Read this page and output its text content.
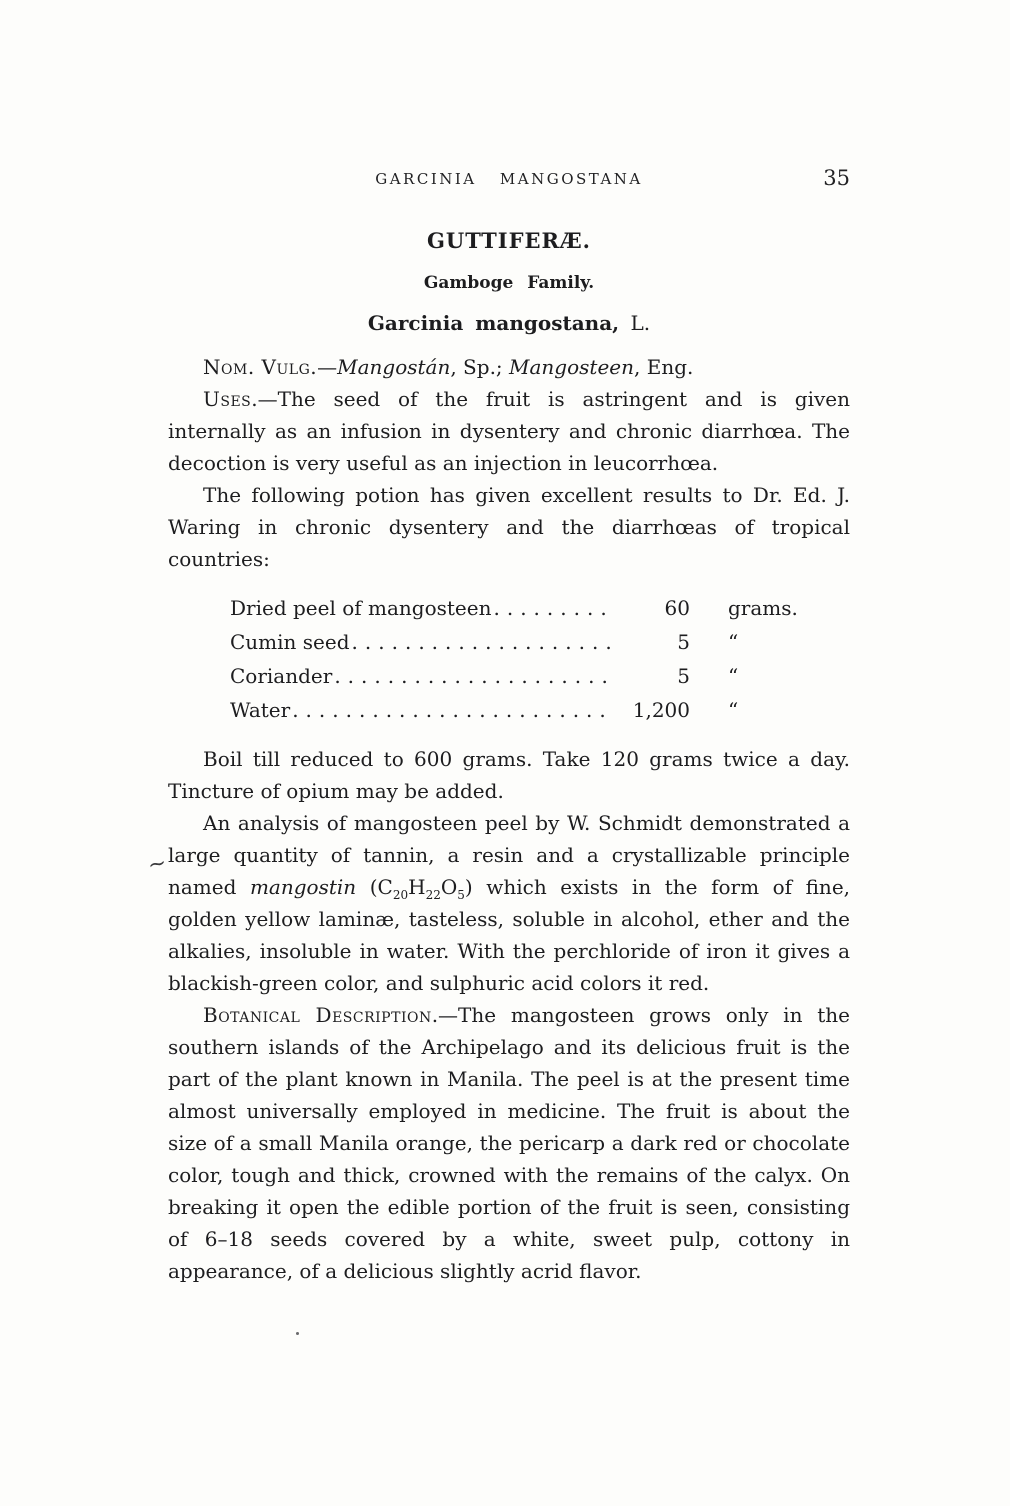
~
GARCINIA MANGOSTANA	35
GUTTIFERÆ.
Gamboge Family.
Garcinia mangostana, L.

Nom. Vulg.—Mangostán, Sp.; Mangosteen, Eng.

Uses.—The seed of the fruit is astringent and is given internally as an infusion in dysentery and chronic diarrhœa. The decoction is very useful as an injection in leucorrhœa.

The following potion has given excellent results to Dr. Ed. J. Waring in chronic dysentery and the diarrhœas of tropical countries:

Dried peel of mangosteen .....	60	grams.
Cumin seed .....	5	“
Coriander .....	5	“
Water .....	1,200	“

Boil till reduced to 600 grams. Take 120 grams twice a day. Tincture of opium may be added.

An analysis of mangosteen peel by W. Schmidt demonstrated a large quantity of tannin, a resin and a crystallizable principle named mangostin $(C_{20}H_{22}O_5)$ which exists in the form of fine, golden yellow laminæ, tasteless, soluble in alcohol, ether and the alkalies, insoluble in water. With the perchloride of iron it gives a blackish-green color, and sulphuric acid colors it red.

Botanical Description.—The mangosteen grows only in the southern islands of the Archipelago and its delicious fruit is the part of the plant known in Manila. The peel is at the present time almost universally employed in medicine. The fruit is about the size of a small Manila orange, the pericarp a dark red or chocolate color, tough and thick, crowned with the remains of the calyx. On breaking it open the edible portion of the fruit is seen, consisting of 6–18 seeds covered by a white, sweet pulp, cottony in appearance, of a delicious slightly acrid flavor.
